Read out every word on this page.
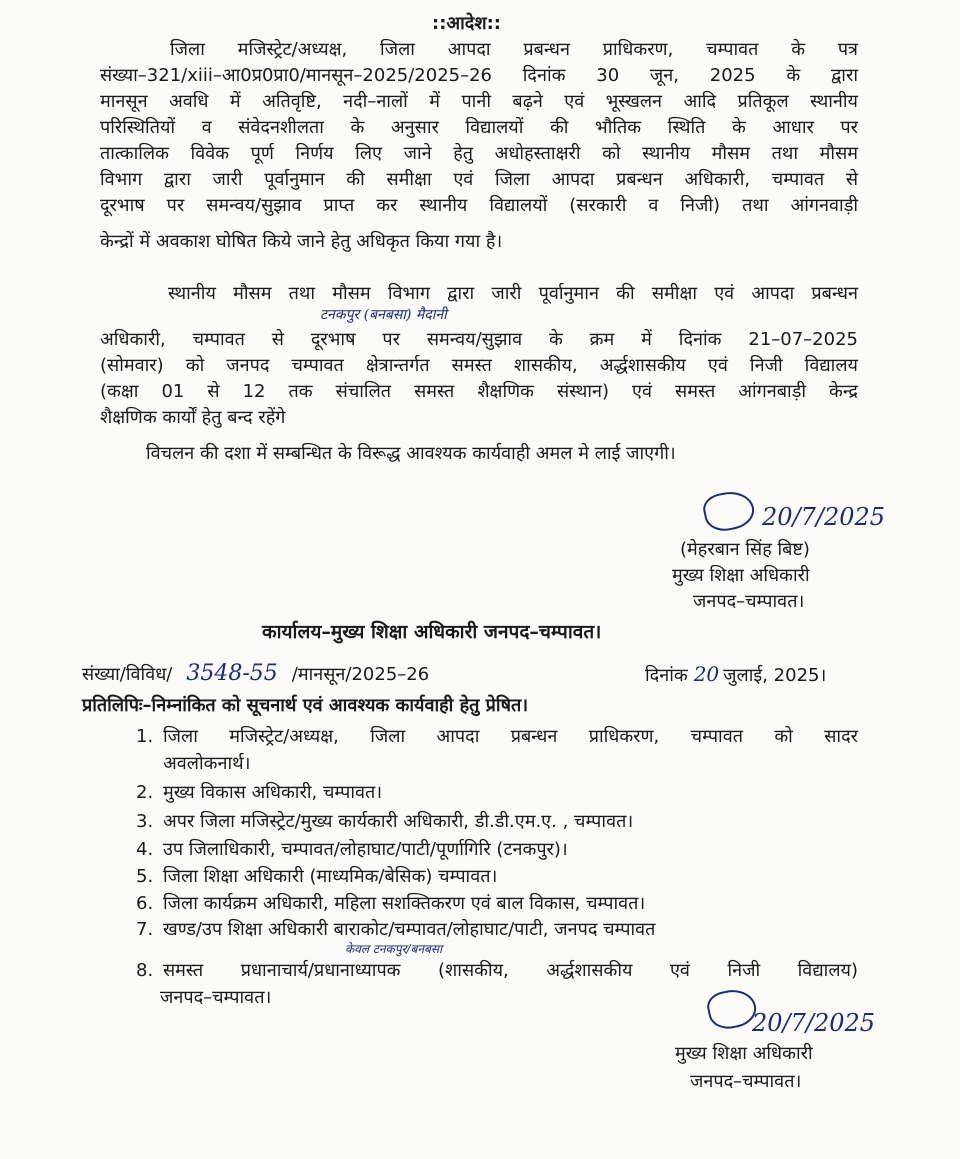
::आदेश::
जिला मजिस्ट्रेट/अध्यक्ष, जिला आपदा प्रबन्धन प्राधिकरण, चम्पावत के पत्र
संख्या–321/xiii–आ0प्र0प्रा0/मानसून–2025/2025–26 दिनांक 30 जून, 2025 के द्वारा
मानसून अवधि में अतिवृष्टि, नदी–नालों में पानी बढ़ने एवं भूस्खलन आदि प्रतिकूल स्थानीय
परिस्थितियों व संवेदनशीलता के अनुसार विद्यालयों की भौतिक स्थिति के आधार पर
तात्कालिक विवेक पूर्ण निर्णय लिए जाने हेतु अधोहस्ताक्षरी को स्थानीय मौसम तथा मौसम
विभाग द्वारा जारी पूर्वानुमान की समीक्षा एवं जिला आपदा प्रबन्धन अधिकारी, चम्पावत से
दूरभाष पर समन्वय/सुझाव प्राप्त कर स्थानीय विद्यालयों (सरकारी व निजी) तथा आंगनवाड़ी
केन्द्रों में अवकाश घोषित किये जाने हेतु अधिकृत किया गया है।
स्थानीय मौसम तथा मौसम विभाग द्वारा जारी पूर्वानुमान की समीक्षा एवं आपदा प्रबन्धन
टनकपुर (बनबसा) मैदानी
अधिकारी, चम्पावत से दूरभाष पर समन्वय/सुझाव के क्रम में दिनांक 21–07–2025
(सोमवार) को जनपद चम्पावत क्षेत्रान्तर्गत समस्त शासकीय, अर्द्धशासकीय एवं निजी विद्यालय
(कक्षा 01 से 12 तक संचालित समस्त शैक्षणिक संस्थान) एवं समस्त आंगनबाड़ी केन्द्र
शैक्षणिक कार्यों हेतु बन्द रहेंगे
विचलन की दशा में सम्बन्धित के विरूद्ध आवश्यक कार्यवाही अमल मे लाई जाएगी।
20/7/2025
(मेहरबान सिंह बिष्ट)
मुख्य शिक्षा अधिकारी
जनपद–चम्पावत।
कार्यालय–मुख्य शिक्षा अधिकारी जनपद–चम्पावत।
संख्या/विविध/ 3548-55 /मानसून/2025–26	दिनांक 20 जुलाई, 2025।
प्रतिलिपिः–निम्नांकित को सूचनार्थ एवं आवश्यक कार्यवाही हेतु प्रेषित।
1. जिला मजिस्ट्रेट/अध्यक्ष, जिला आपदा प्रबन्धन प्राधिकरण, चम्पावत को सादर
अवलोकनार्थ।
2. मुख्य विकास अधिकारी, चम्पावत।
3. अपर जिला मजिस्ट्रेट/मुख्य कार्यकारी अधिकारी, डी.डी.एम.ए. , चम्पावत।
4. उप जिलाधिकारी, चम्पावत/लोहाघाट/पाटी/पूर्णागिरि (टनकपुर)।
5. जिला शिक्षा अधिकारी (माध्यमिक/बेसिक) चम्पावत।
6. जिला कार्यक्रम अधिकारी, महिला सशक्तिकरण एवं बाल विकास, चम्पावत।
7. खण्ड/उप शिक्षा अधिकारी बाराकोट/चम्पावत/लोहाघाट/पाटी, जनपद चम्पावत
केवल टनकपुर/बनबसा
8. समस्त प्रधानाचार्य/प्रधानाध्यापक (शासकीय, अर्द्धशासकीय एवं निजी विद्यालय)
जनपद–चम्पावत।
20/7/2025
मुख्य शिक्षा अधिकारी
जनपद–चम्पावत।
